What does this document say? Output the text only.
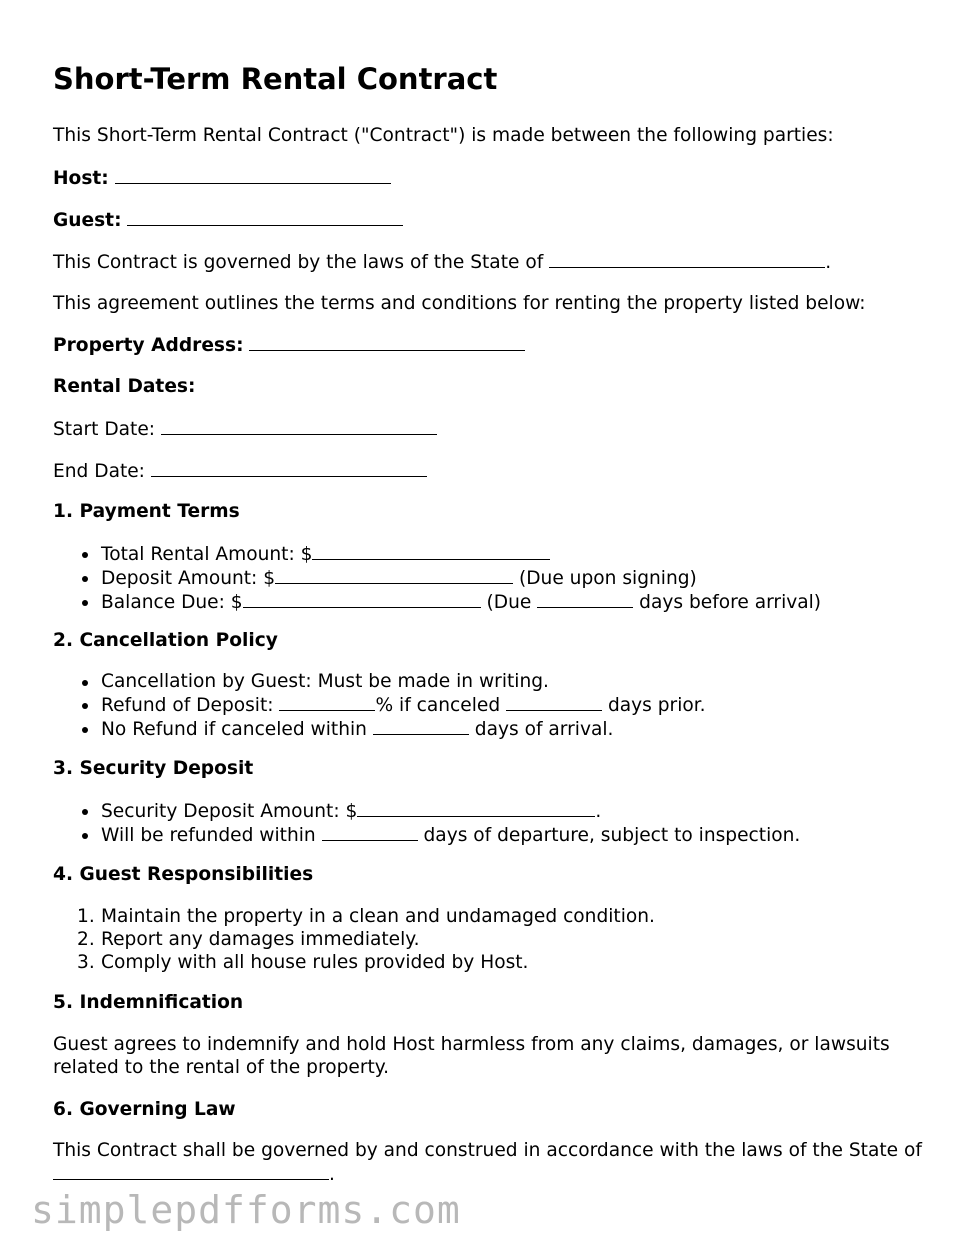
Short-Term Rental Contract

This Short-Term Rental Contract ("Contract") is made between the following parties:

Host:

Guest:

This Contract is governed by the laws of the State of	.

This agreement outlines the terms and conditions for renting the property listed below:

Property Address:

Rental Dates:

Start Date:

End Date:

1. Payment Terms

Total Rental Amount: $
Deposit Amount: $	(Due upon signing)
Balance Due: $	(Due	days before arrival)

2. Cancellation Policy

Cancellation by Guest: Must be made in writing.
Refund of Deposit:	% if canceled	days prior.
No Refund if canceled within	days of arrival.

3. Security Deposit

Security Deposit Amount: $	.
Will be refunded within	days of departure, subject to inspection.

4. Guest Responsibilities

1. Maintain the property in a clean and undamaged condition.
2. Report any damages immediately.
3. Comply with all house rules provided by Host.

5. Indemnification

Guest agrees to indemnify and hold Host harmless from any claims, damages, or lawsuits related to the rental of the property.

6. Governing Law

This Contract shall be governed by and construed in accordance with the laws of the State of .

simplepdfforms.com
